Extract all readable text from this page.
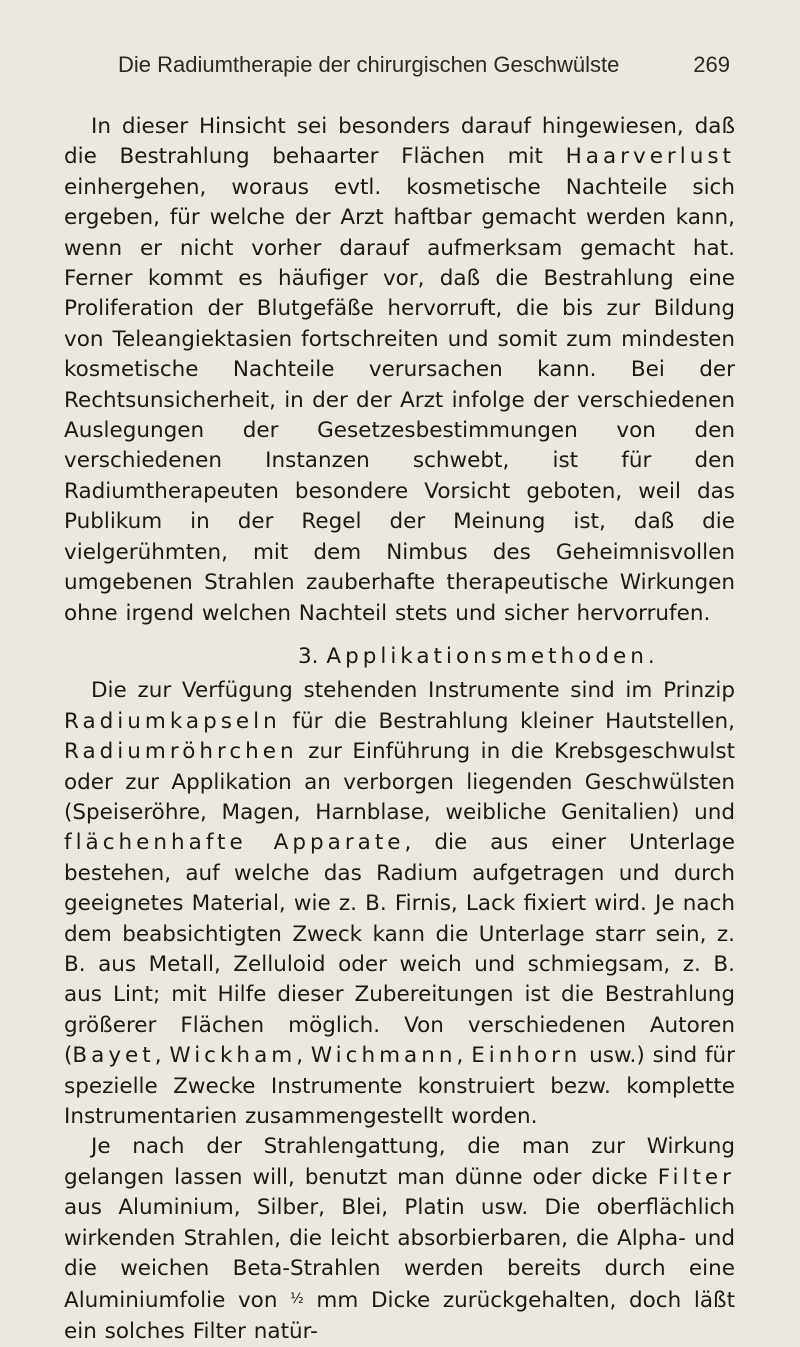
Die Radiumtherapie der chirurgischen Geschwülste	269

In dieser Hinsicht sei besonders darauf hingewiesen, daß die Bestrahlung behaarter Flächen mit Haarverlust einhergehen, woraus evtl. kosmetische Nachteile sich ergeben, für welche der Arzt haftbar gemacht werden kann, wenn er nicht vorher darauf aufmerksam gemacht hat. Ferner kommt es häufiger vor, daß die Bestrahlung eine Proliferation der Blutgefäße hervorruft, die bis zur Bildung von Teleangiektasien fortschreiten und somit zum mindesten kosmetische Nachteile verursachen kann. Bei der Rechtsunsicherheit, in der der Arzt infolge der verschiedenen Auslegungen der Gesetzesbestimmungen von den verschiedenen Instanzen schwebt, ist für den Radiumtherapeuten besondere Vorsicht geboten, weil das Publikum in der Regel der Meinung ist, daß die vielgerühmten, mit dem Nimbus des Geheimnisvollen umgebenen Strahlen zauberhafte therapeutische Wirkungen ohne irgend welchen Nachteil stets und sicher hervorrufen.

3. Applikationsmethoden.

Die zur Verfügung stehenden Instrumente sind im Prinzip Radiumkapseln für die Bestrahlung kleiner Hautstellen, Radiumröhrchen zur Einführung in die Krebsgeschwulst oder zur Applikation an verborgen liegenden Geschwülsten (Speiseröhre, Magen, Harnblase, weibliche Genitalien) und flächenhafte Apparate, die aus einer Unterlage bestehen, auf welche das Radium aufgetragen und durch geeignetes Material, wie z. B. Firnis, Lack fixiert wird. Je nach dem beabsichtigten Zweck kann die Unterlage starr sein, z. B. aus Metall, Zelluloid oder weich und schmiegsam, z. B. aus Lint; mit Hilfe dieser Zubereitungen ist die Bestrahlung größerer Flächen möglich. Von verschiedenen Autoren (Bayet, Wickham, Wichmann, Einhorn usw.) sind für spezielle Zwecke Instrumente konstruiert bezw. komplette Instrumentarien zusammengestellt worden.

Je nach der Strahlengattung, die man zur Wirkung gelangen lassen will, benutzt man dünne oder dicke Filter aus Aluminium, Silber, Blei, Platin usw. Die oberflächlich wirkenden Strahlen, die leicht absorbierbaren, die Alpha- und die weichen Beta-Strahlen werden bereits durch eine Aluminiumfolie von ½ mm Dicke zurückgehalten, doch läßt ein solches Filter natür-
